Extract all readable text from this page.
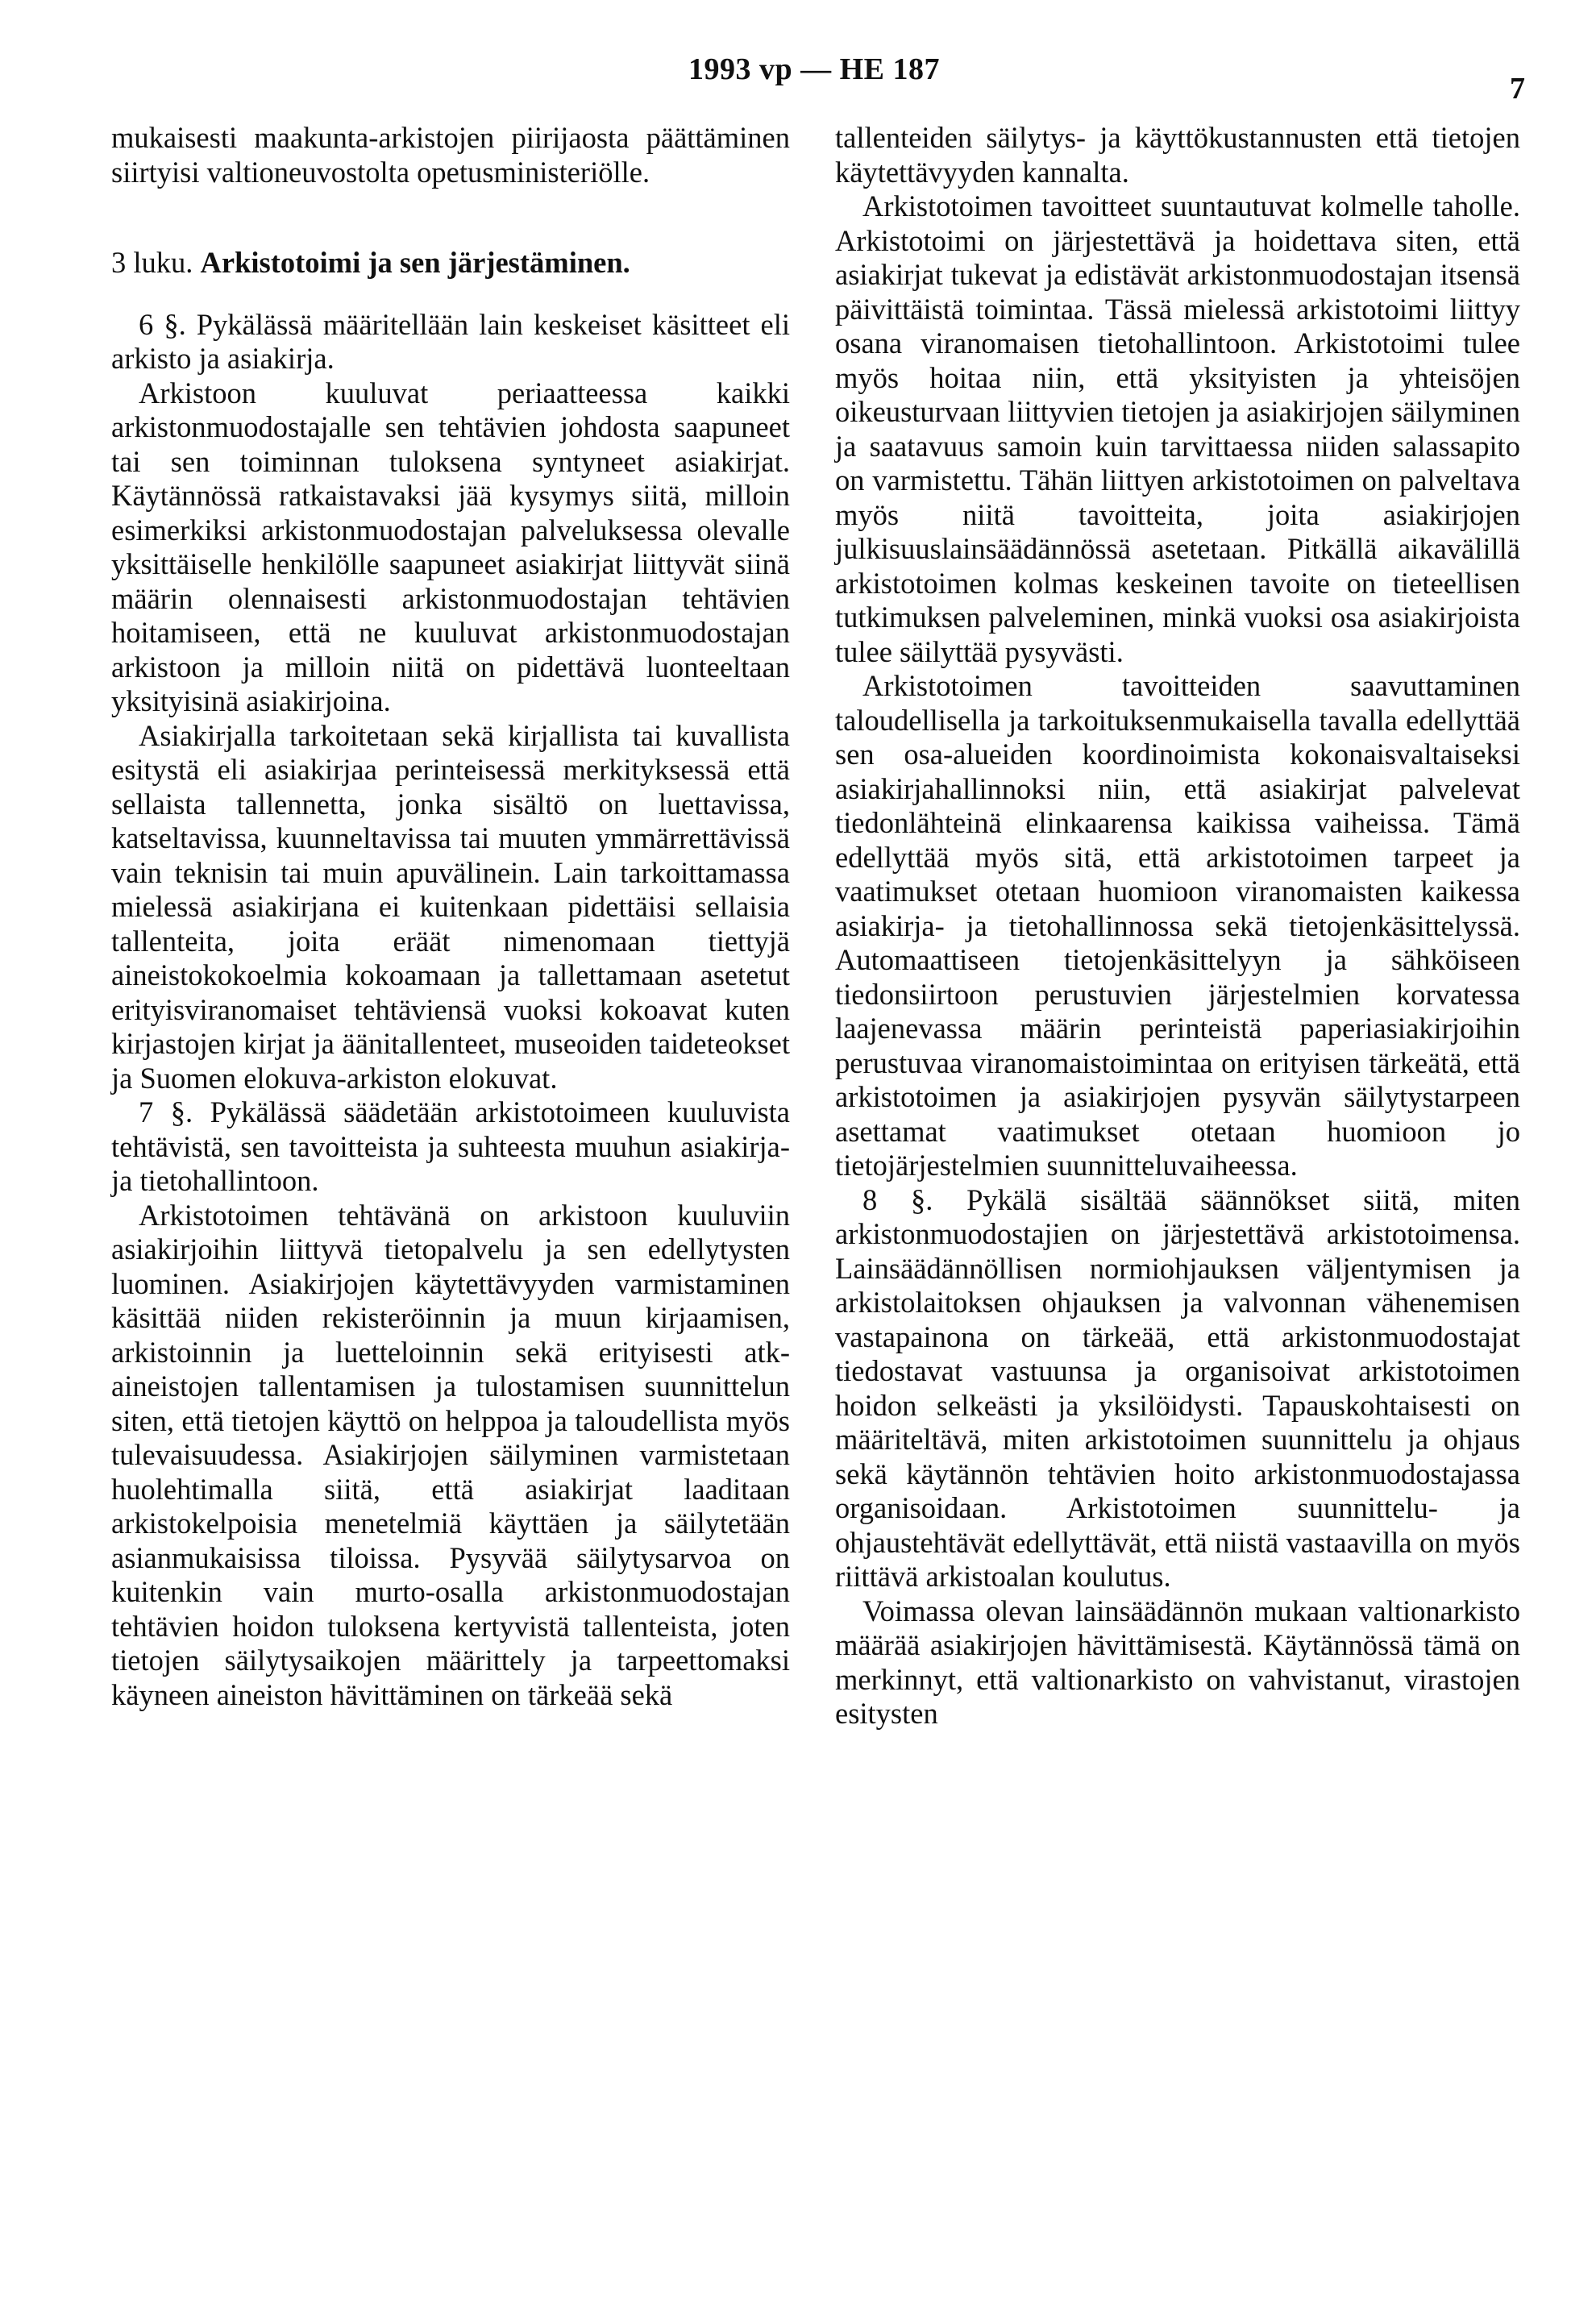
1993 vp — HE 187
7

mukaisesti maakunta-arkistojen piirijaosta päättäminen siirtyisi valtioneuvostolta opetusministeriölle.

3 luku. Arkistotoimi ja sen järjestäminen.

6 §. Pykälässä määritellään lain keskeiset käsitteet eli arkisto ja asiakirja.

Arkistoon kuuluvat periaatteessa kaikki arkistonmuodostajalle sen tehtävien johdosta saapuneet tai sen toiminnan tuloksena syntyneet asiakirjat. Käytännössä ratkaistavaksi jää kysymys siitä, milloin esimerkiksi arkistonmuodostajan palveluksessa olevalle yksittäiselle henkilölle saapuneet asiakirjat liittyvät siinä määrin olennaisesti arkistonmuodostajan tehtävien hoitamiseen, että ne kuuluvat arkistonmuodostajan arkistoon ja milloin niitä on pidettävä luonteeltaan yksityisinä asiakirjoina.

Asiakirjalla tarkoitetaan sekä kirjallista tai kuvallista esitystä eli asiakirjaa perinteisessä merkityksessä että sellaista tallennetta, jonka sisältö on luettavissa, katseltavissa, kuunneltavissa tai muuten ymmärrettävissä vain teknisin tai muin apuvälinein. Lain tarkoittamassa mielessä asiakirjana ei kuitenkaan pidettäisi sellaisia tallenteita, joita eräät nimenomaan tiettyjä aineistokokoelmia kokoamaan ja tallettamaan asetetut erityisviranomaiset tehtäviensä vuoksi kokoavat kuten kirjastojen kirjat ja äänitallenteet, museoiden taideteokset ja Suomen elokuva-arkiston elokuvat.

7 §. Pykälässä säädetään arkistotoimeen kuuluvista tehtävistä, sen tavoitteista ja suhteesta muuhun asiakirja- ja tietohallintoon.

Arkistotoimen tehtävänä on arkistoon kuuluviin asiakirjoihin liittyvä tietopalvelu ja sen edellytysten luominen. Asiakirjojen käytettävyyden varmistaminen käsittää niiden rekisteröinnin ja muun kirjaamisen, arkistoinnin ja luetteloinnin sekä erityisesti atk-aineistojen tallentamisen ja tulostamisen suunnittelun siten, että tietojen käyttö on helppoa ja taloudellista myös tulevaisuudessa. Asiakirjojen säilyminen varmistetaan huolehtimalla siitä, että asiakirjat laaditaan arkistokelpoisia menetelmiä käyttäen ja säilytetään asianmukaisissa tiloissa. Pysyvää säilytysarvoa on kuitenkin vain murto-osalla arkistonmuodostajan tehtävien hoidon tuloksena kertyvistä tallenteista, joten tietojen säilytysaikojen määrittely ja tarpeettomaksi käyneen aineiston hävittäminen on tärkeää sekä

tallenteiden säilytys- ja käyttökustannusten että tietojen käytettävyyden kannalta.

Arkistotoimen tavoitteet suuntautuvat kolmelle taholle. Arkistotoimi on järjestettävä ja hoidettava siten, että asiakirjat tukevat ja edistävät arkistonmuodostajan itsensä päivittäistä toimintaa. Tässä mielessä arkistotoimi liittyy osana viranomaisen tietohallintoon. Arkistotoimi tulee myös hoitaa niin, että yksityisten ja yhteisöjen oikeusturvaan liittyvien tietojen ja asiakirjojen säilyminen ja saatavuus samoin kuin tarvittaessa niiden salassapito on varmistettu. Tähän liittyen arkistotoimen on palveltava myös niitä tavoitteita, joita asiakirjojen julkisuuslainsäädännössä asetetaan. Pitkällä aikavälillä arkistotoimen kolmas keskeinen tavoite on tieteellisen tutkimuksen palveleminen, minkä vuoksi osa asiakirjoista tulee säilyttää pysyvästi.

Arkistotoimen tavoitteiden saavuttaminen taloudellisella ja tarkoituksenmukaisella tavalla edellyttää sen osa-alueiden koordinoimista kokonaisvaltaiseksi asiakirjahallinnoksi niin, että asiakirjat palvelevat tiedonlähteinä elinkaarensa kaikissa vaiheissa. Tämä edellyttää myös sitä, että arkistotoimen tarpeet ja vaatimukset otetaan huomioon viranomaisten kaikessa asiakirja- ja tietohallinnossa sekä tietojenkäsittelyssä. Automaattiseen tietojenkäsittelyyn ja sähköiseen tiedonsiirtoon perustuvien järjestelmien korvatessa laajenevassa määrin perinteistä paperiasiakirjoihin perustuvaa viranomaistoimintaa on erityisen tärkeätä, että arkistotoimen ja asiakirjojen pysyvän säilytystarpeen asettamat vaatimukset otetaan huomioon jo tietojärjestelmien suunnitteluvaiheessa.

8 §. Pykälä sisältää säännökset siitä, miten arkistonmuodostajien on järjestettävä arkistotoimensa. Lainsäädännöllisen normiohjauksen väljentymisen ja arkistolaitoksen ohjauksen ja valvonnan vähenemisen vastapainona on tärkeää, että arkistonmuodostajat tiedostavat vastuunsa ja organisoivat arkistotoimen hoidon selkeästi ja yksilöidysti. Tapauskohtaisesti on määriteltävä, miten arkistotoimen suunnittelu ja ohjaus sekä käytännön tehtävien hoito arkistonmuodostajassa organisoidaan. Arkistotoimen suunnittelu- ja ohjaustehtävät edellyttävät, että niistä vastaavilla on myös riittävä arkistoalan koulutus.

Voimassa olevan lainsäädännön mukaan valtionarkisto määrää asiakirjojen hävittämisestä. Käytännössä tämä on merkinnyt, että valtionarkisto on vahvistanut, virastojen esitysten
